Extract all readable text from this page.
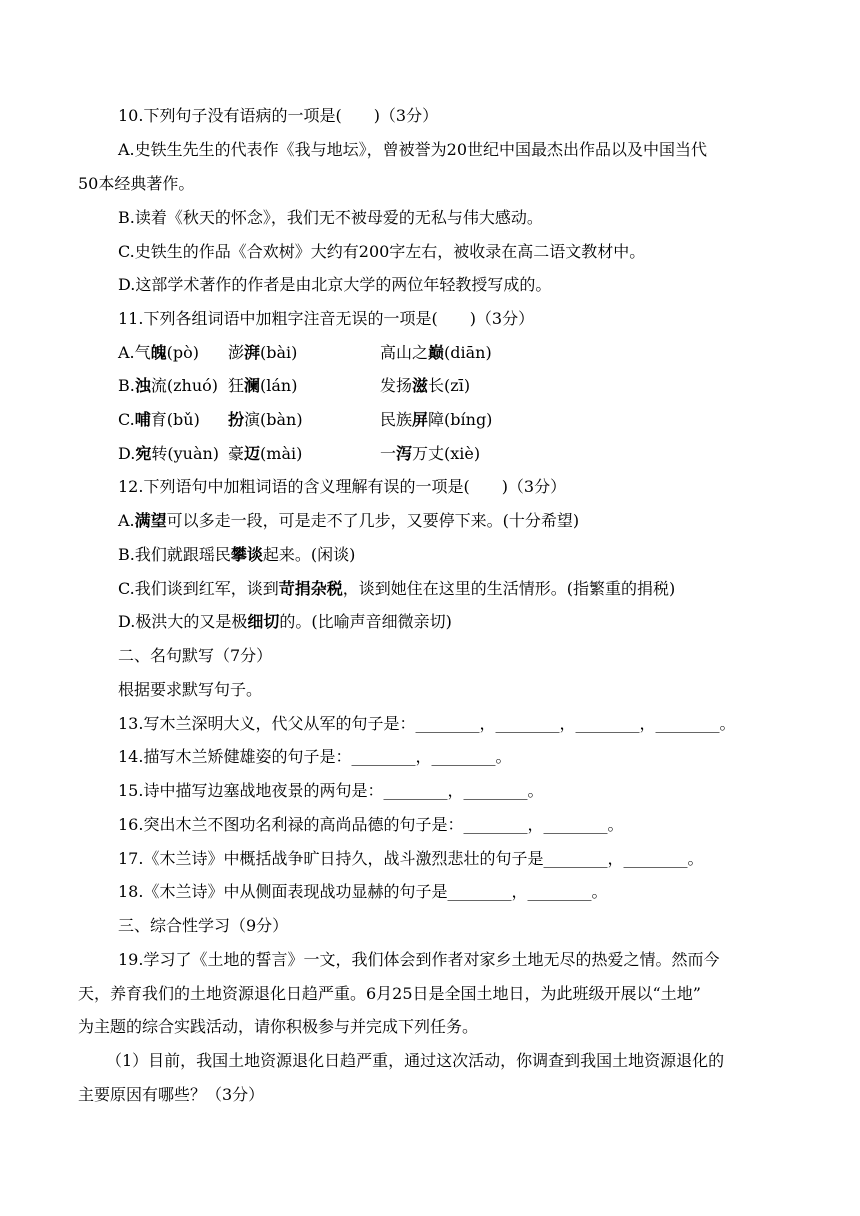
10.下列句子没有语病的一项是(　　)（3分）
A.史铁生先生的代表作《我与地坛》，曾被誉为20世纪中国最杰出作品以及中国当代
50本经典著作。
B.读着《秋天的怀念》，我们无不被母爱的无私与伟大感动。
C.史铁生的作品《合欢树》大约有200字左右，被收录在高二语文教材中。
D.这部学术著作的作者是由北京大学的两位年轻教授写成的。
11.下列各组词语中加粗字注音无误的一项是(　　)（3分）
A.气魄(pò) 澎湃(bài)	高山之巅(diān)
B.浊流(zhuó) 狂澜(lán)	发扬滋长(zī)
C.哺育(bǔ) 扮演(bàn)	民族屏障(bíng)
D.宛转(yuàn) 豪迈(mài)	一泻万丈(xiè)
12.下列语句中加粗词语的含义理解有误的一项是(　　)（3分）
A.满望可以多走一段，可是走不了几步，又要停下来。(十分希望)
B.我们就跟瑶民攀谈起来。(闲谈)
C.我们谈到红军，谈到苛捐杂税，谈到她住在这里的生活情形。(指繁重的捐税)
D.极洪大的又是极细切的。(比喻声音细微亲切)
二、名句默写（7分）
根据要求默写句子。
13.写木兰深明大义，代父从军的句子是：________，________，________，________。
14.描写木兰矫健雄姿的句子是：________，________。
15.诗中描写边塞战地夜景的两句是：________，________。
16.突出木兰不图功名利禄的高尚品德的句子是：________，________。
17.《木兰诗》中概括战争旷日持久，战斗激烈悲壮的句子是________，________。
18.《木兰诗》中从侧面表现战功显赫的句子是________，________。
三、综合性学习（9分）
19.学习了《土地的誓言》一文，我们体会到作者对家乡土地无尽的热爱之情。然而今
天，养育我们的土地资源退化日趋严重。6月25日是全国土地日，为此班级开展以“土地”
为主题的综合实践活动，请你积极参与并完成下列任务。
（1）目前，我国土地资源退化日趋严重，通过这次活动，你调查到我国土地资源退化的
主要原因有哪些？（3分）
